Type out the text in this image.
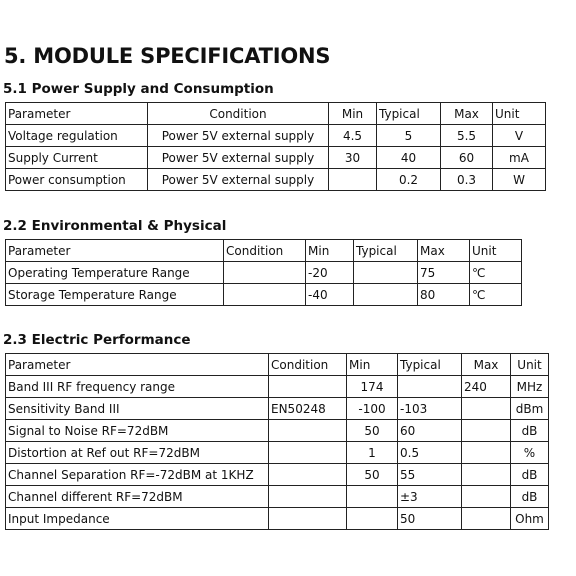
5. MODULE SPECIFICATIONS
5.1 Power Supply and Consumption
Parameter	Condition	Min	Typical	Max	Unit
Voltage regulation	Power 5V external supply	4.5	5	5.5	V
Supply Current	Power 5V external supply	30	40	60	mA
Power consumption	Power 5V external supply		0.2	0.3	W
2.2 Environmental & Physical
Parameter	Condition	Min	Typical	Max	Unit
Operating Temperature Range		-20		75	℃
Storage Temperature Range		-40		80	℃
2.3 Electric Performance
Parameter	Condition	Min	Typical	Max	Unit
Band III RF frequency range		174		240	MHz
Sensitivity Band III	EN50248	-100	-103		dBm
Signal to Noise RF=72dBM		50	60		dB
Distortion at Ref out RF=72dBM		1	0.5		%
Channel Separation RF=-72dBM at 1KHZ		50	55		dB
Channel different RF=72dBM			±3		dB
Input Impedance			50		Ohm
